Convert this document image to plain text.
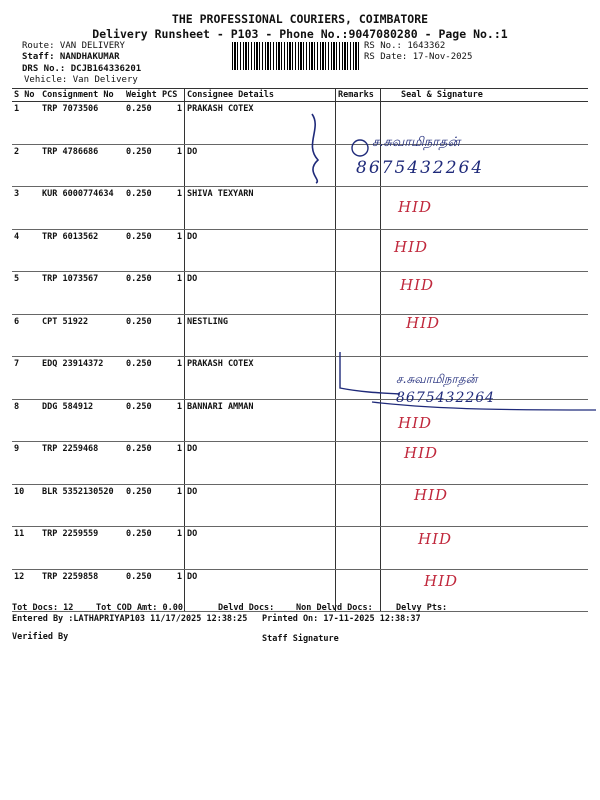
THE PROFESSIONAL COURIERS, COIMBATORE
Delivery Runsheet - P103 - Phone No.:9047080280 - Page No.:1
Route: VAN DELIVERY
Staff: NANDHAKUMAR
DRS No.: DCJB164336201
Vehicle: Van Delivery
RS No.: 1643362
RS Date: 17-Nov-2025
S No	Consignment No	Weight	PCS	Consignee Details	Remarks	Seal & Signature
1	TRP 7073506	0.250	1	PRAKASH COTEX		
2	TRP 4786686	0.250	1	DO		
3	KUR 6000774634	0.250	1	SHIVA TEXYARN		
4	TRP 6013562	0.250	1	DO		
5	TRP 1073567	0.250	1	DO		
6	CPT 51922	0.250	1	NESTLING		
7	EDQ 23914372	0.250	1	PRAKASH COTEX		
8	DDG 584912	0.250	1	BANNARI AMMAN		
9	TRP 2259468	0.250	1	DO		
10	BLR 5352130520	0.250	1	DO		
11	TRP 2259559	0.250	1	DO		
12	TRP 2259858	0.250	1	DO		
ச.சுவாமிநாதன்
8675432264
HID
HID
HID
HID
ச.சுவாமிநாதன்
8675432264
HID
HID
HID
HID
HID
Tot Docs: 12	Tot COD Amt: 0.00	Delvd Docs:	Non Delvd Docs:	Delvy Pts:
Entered By :LATHAPRIYAP103 11/17/2025 12:38:25 Printed On: 17-11-2025 12:38:37
Verified By	Staff Signature
